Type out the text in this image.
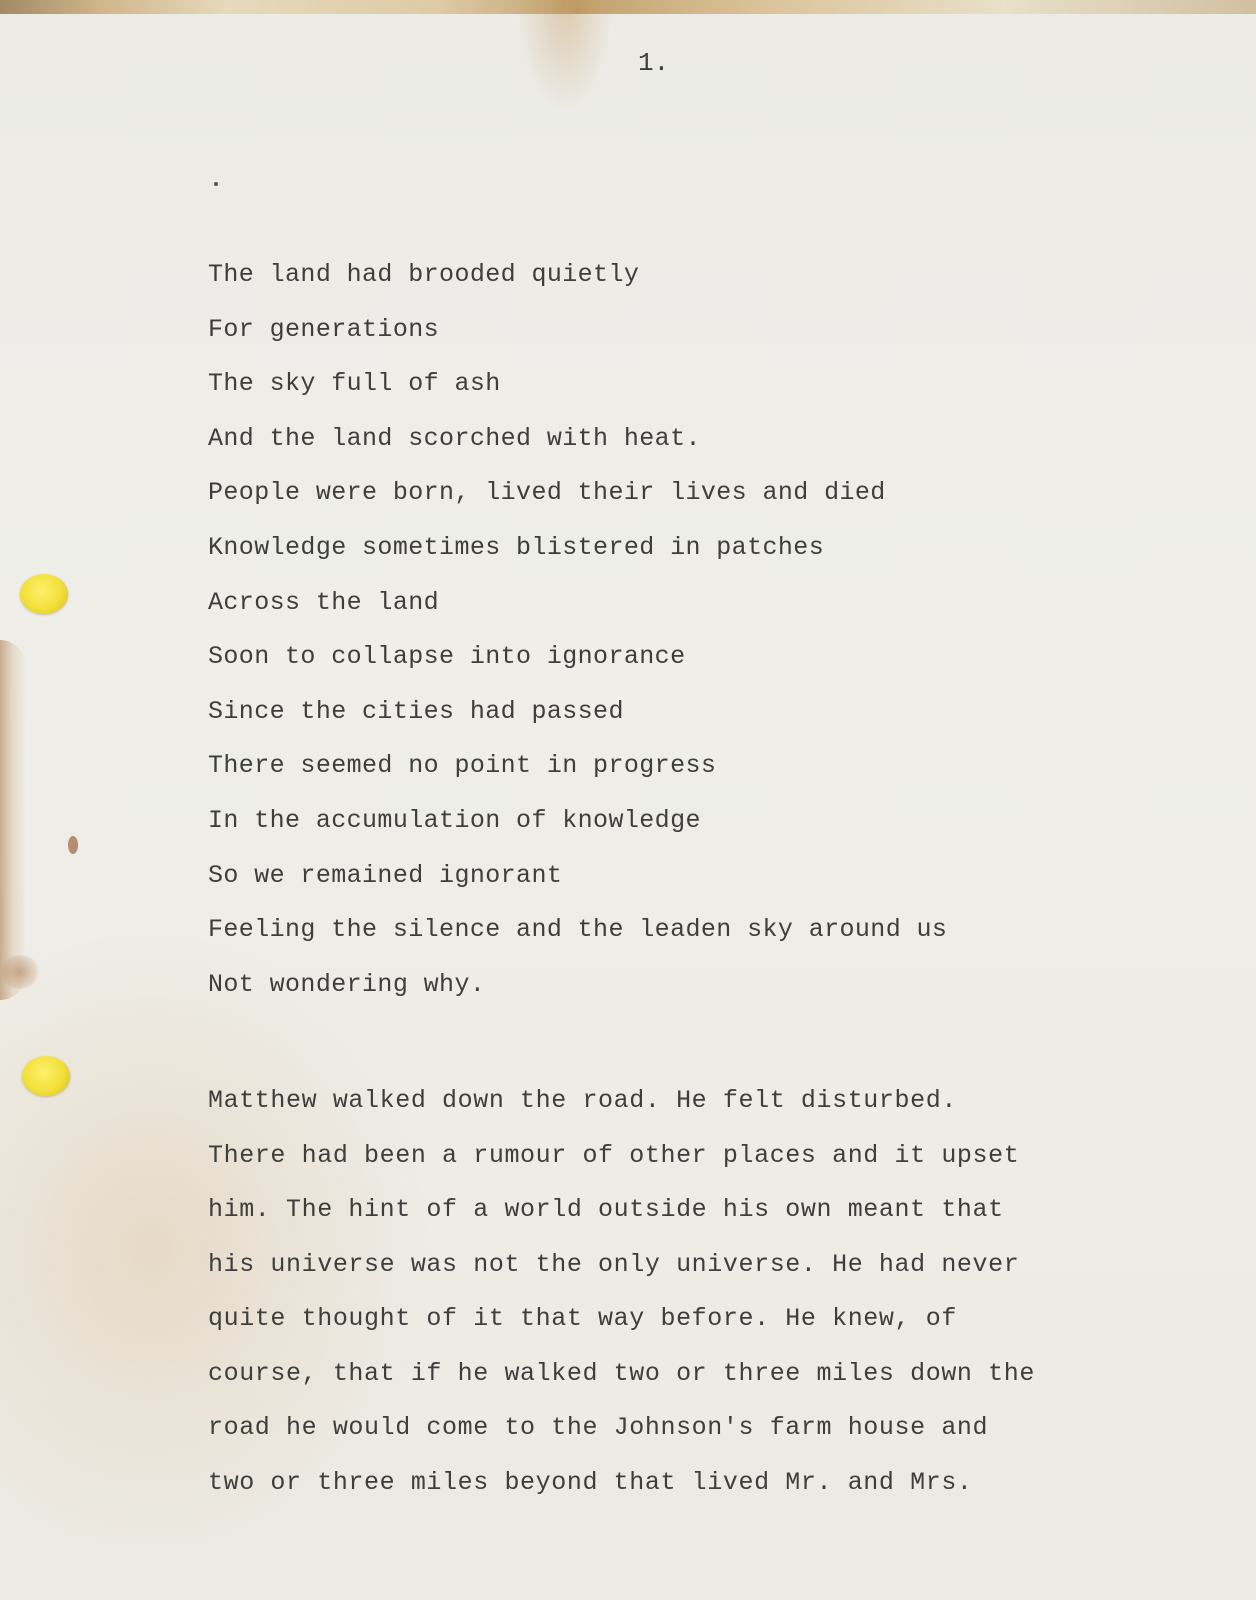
1.
The land had brooded quietly
For generations
The sky full of ash
And the land scorched with heat.
People were born, lived their lives and died
Knowledge sometimes blistered in patches
Across the land
Soon to collapse into ignorance
Since the cities had passed
There seemed no point in progress
In the accumulation of knowledge
So we remained ignorant
Feeling the silence and the leaden sky around us
Not wondering why.
Matthew walked down the road. He felt disturbed.
There had been a rumour of other places and it upset
him. The hint of a world outside his own meant that
his universe was not the only universe. He had never
quite thought of it that way before. He knew, of
course, that if he walked two or three miles down the
road he would come to the Johnson's farm house and
two or three miles beyond that lived Mr. and Mrs.
